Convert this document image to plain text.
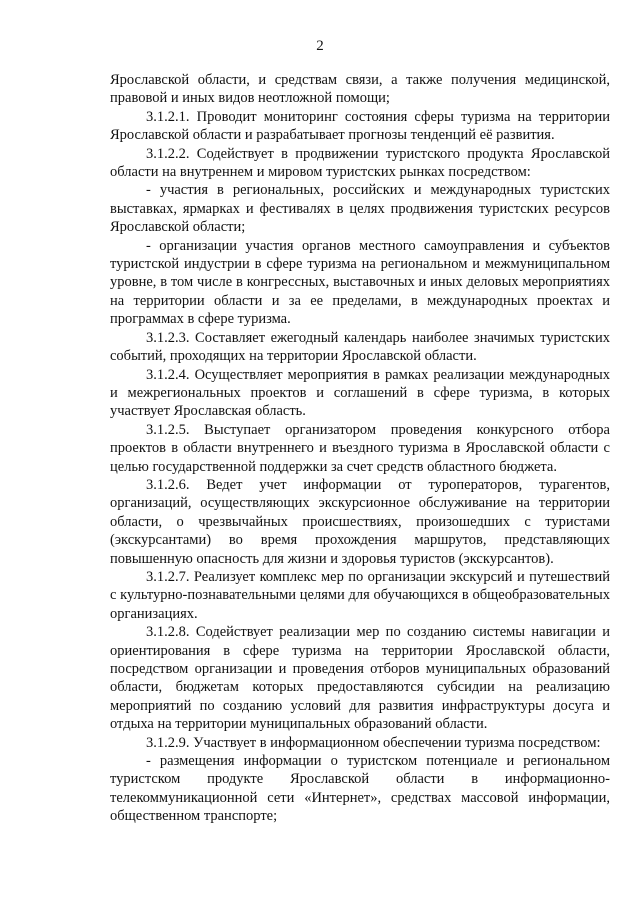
2

Ярославской области, и средствам связи, а также получения медицинской, правовой и иных видов неотложной помощи;

3.1.2.1. Проводит мониторинг состояния сферы туризма на территории Ярославской области и разрабатывает прогнозы тенденций её развития.

3.1.2.2. Содействует в продвижении туристского продукта Ярославской области на внутреннем и мировом туристских рынках посредством:

- участия в региональных, российских и международных туристских выставках, ярмарках и фестивалях в целях продвижения туристских ресурсов Ярославской области;

- организации участия органов местного самоуправления и субъектов туристской индустрии в сфере туризма на региональном и межмуниципальном уровне, в том числе в конгрессных, выставочных и иных деловых мероприятиях на территории области и за ее пределами, в международных проектах и программах в сфере туризма.

3.1.2.3. Составляет ежегодный календарь наиболее значимых туристских событий, проходящих на территории Ярославской области.

3.1.2.4. Осуществляет мероприятия в рамках реализации международных и межрегиональных проектов и соглашений в сфере туризма, в которых участвует Ярославская область.

3.1.2.5. Выступает организатором проведения конкурсного отбора проектов в области внутреннего и въездного туризма в Ярославской области с целью государственной поддержки за счет средств областного бюджета.

3.1.2.6. Ведет учет информации от туроператоров, турагентов, организаций, осуществляющих экскурсионное обслуживание на территории области, о чрезвычайных происшествиях, произошедших с туристами (экскурсантами) во время прохождения маршрутов, представляющих повышенную опасность для жизни и здоровья туристов (экскурсантов).

3.1.2.7. Реализует комплекс мер по организации экскурсий и путешествий с культурно-познавательными целями для обучающихся в общеобразовательных организациях.

3.1.2.8. Содействует реализации мер по созданию системы навигации и ориентирования в сфере туризма на территории Ярославской области, посредством организации и проведения отборов муниципальных образований области, бюджетам которых предоставляются субсидии на реализацию мероприятий по созданию условий для развития инфраструктуры досуга и отдыха на территории муниципальных образований области.

3.1.2.9. Участвует в информационном обеспечении туризма посредством:

- размещения информации о туристском потенциале и региональном туристском продукте Ярославской области в информационно-телекоммуникационной сети «Интернет», средствах массовой информации, общественном транспорте;
